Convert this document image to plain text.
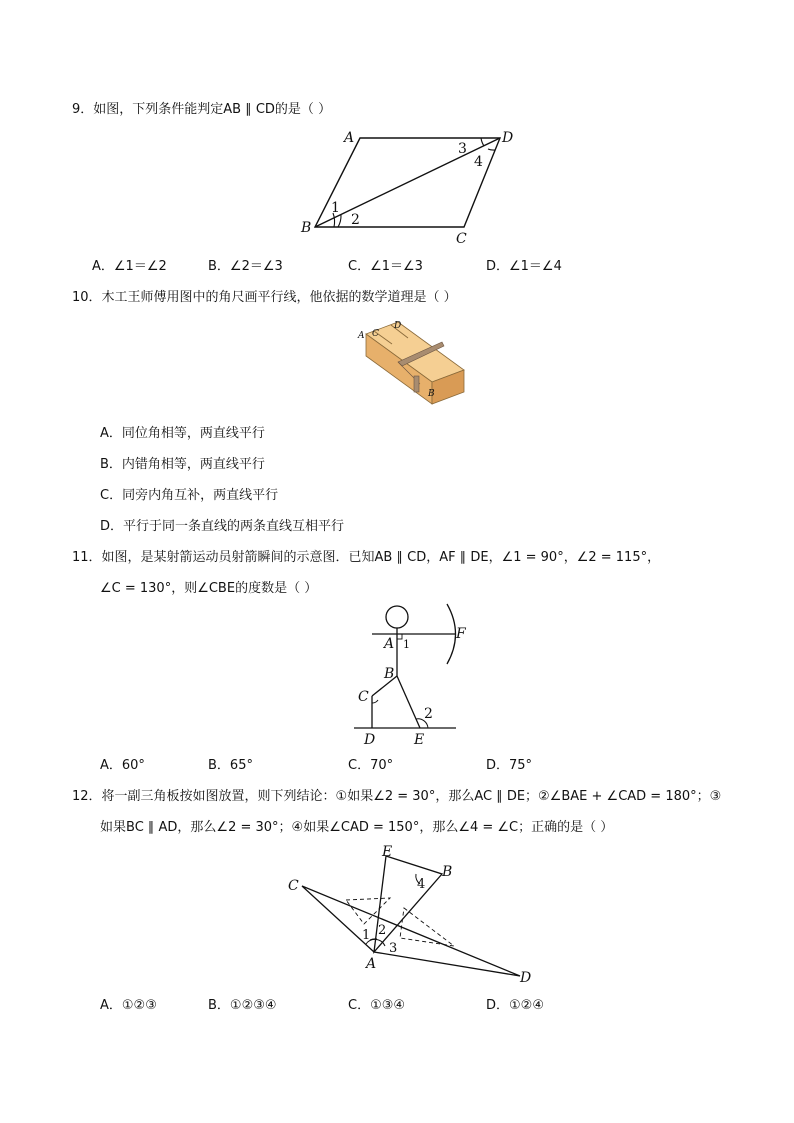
9．如图，下列条件能判定AB ∥ CD的是（ ）
A	D
B
C
1
2
3
4
A．∠1＝∠2	B．∠2＝∠3	C．∠1＝∠3	D．∠1＝∠4
10．木工王师傅用图中的角尺画平行线，他依据的数学道理是（ ）
A C
D
B
A．同位角相等，两直线平行
B．内错角相等，两直线平行
C．同旁内角互补，两直线平行
D．平行于同一条直线的两条直线互相平行
11．如图，是某射箭运动员射箭瞬间的示意图．已知AB ∥ CD，AF ∥ DE，∠1 = 90°，∠2 = 115°，
∠C = 130°，则∠CBE的度数是（ ）
A 1
F
B
C
2
D	E
A．60°	B．65°	C．70°	D．75°
12．将一副三角板按如图放置，则下列结论：①如果∠2 = 30°，那么AC ∥ DE；②∠BAE + ∠CAD = 180°；③
如果BC ∥ AD，那么∠2 = 30°；④如果∠CAD = 150°，那么∠4 = ∠C；正确的是（ ）
E
B
C
D
A
1 2
3
4
A．①②③	B．①②③④	C．①③④	D．①②④
